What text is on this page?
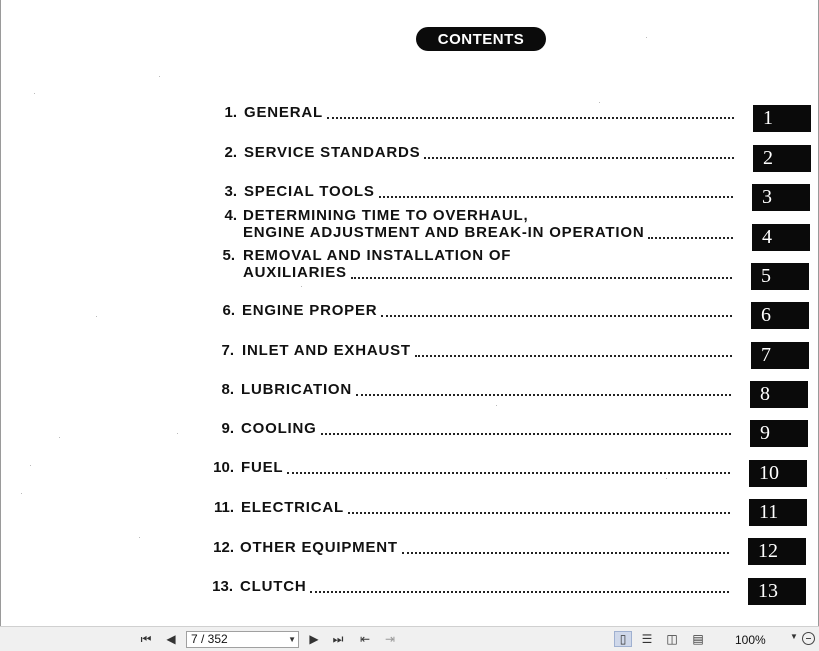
CONTENTS
1. GENERAL	1
2. SERVICE STANDARDS	2
3. SPECIAL TOOLS	3
4. DETERMINING TIME TO OVERHAUL,
ENGINE ADJUSTMENT AND BREAK-IN OPERATION	4
5. REMOVAL AND INSTALLATION OF
AUXILIARIES	5
6. ENGINE PROPER	6
7. INLET AND EXHAUST	7
8. LUBRICATION	8
9. COOLING	9
10. FUEL	10
11. ELECTRICAL	11
12. OTHER EQUIPMENT	12
13. CLUTCH	13
⏮ ◀	7 / 352	▼ ▶ ⏭ ⇤ ⇥	▯	☰ ◫ ▤	100%	▼
